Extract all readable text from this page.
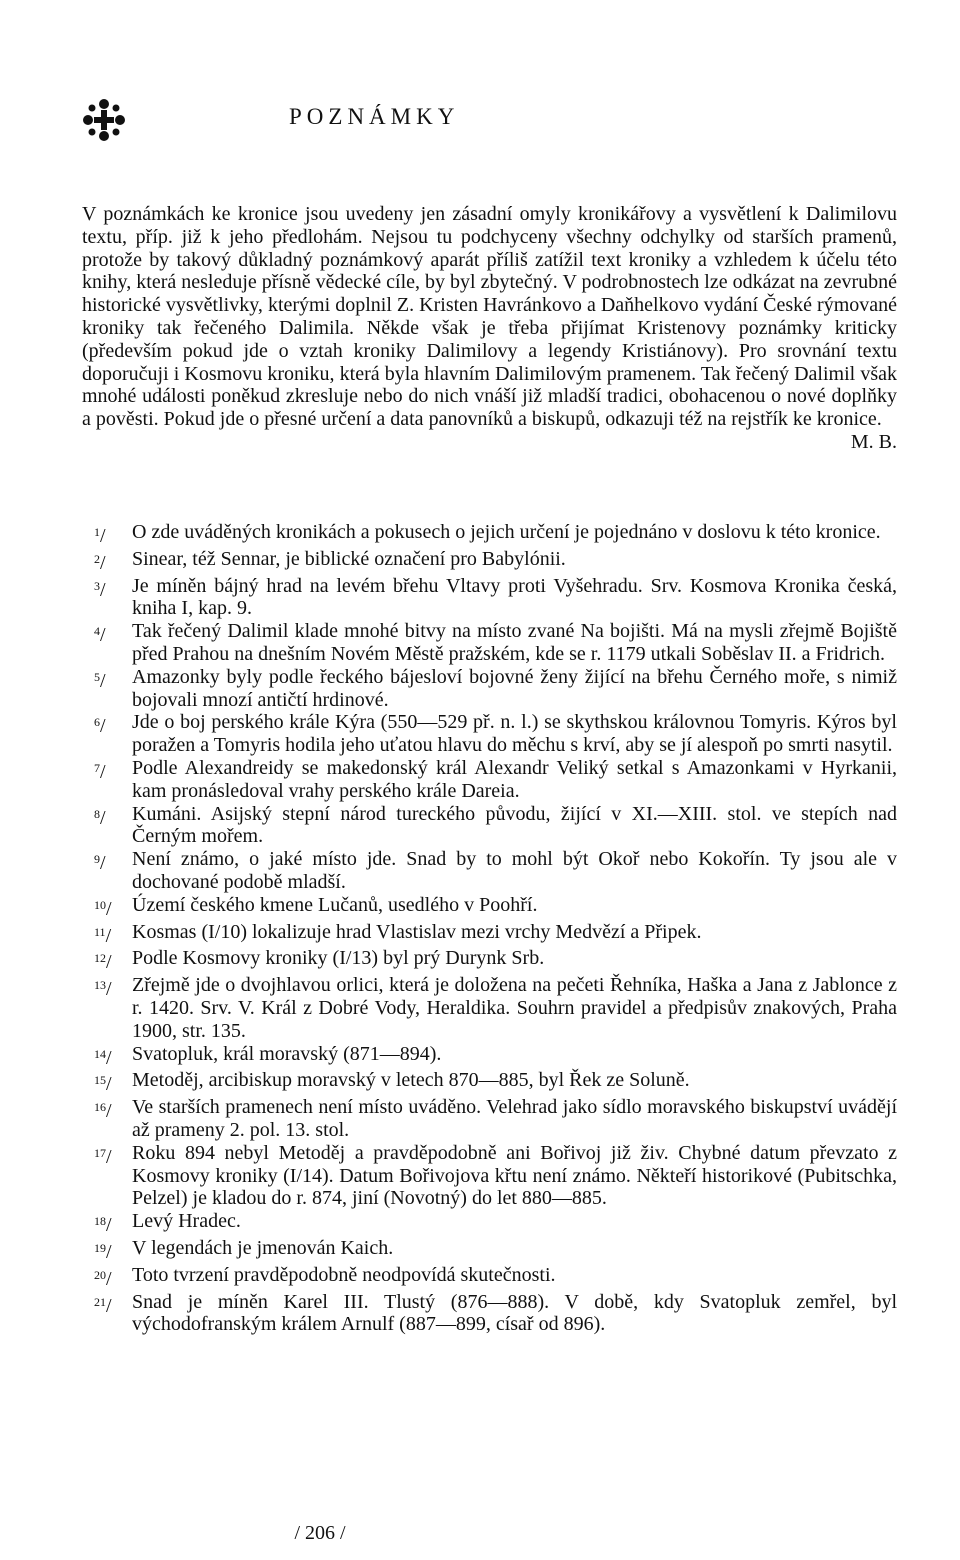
POZNÁMKY

V poznámkách ke kronice jsou uvedeny jen zásadní omyly kronikářovy a vysvětlení k Dalimilovu textu, příp. již k jeho předlohám. Nejsou tu podchyceny všechny odchylky od starších pramenů, protože by takový důkladný poznámkový aparát příliš zatížil text kroniky a vzhledem k účelu této knihy, která nesleduje přísně vědecké cíle, by byl zbytečný. V podrobnostech lze odkázat na zevrubné historické vysvětlivky, kterými doplnil Z. Kristen Havránkovo a Daňhelkovo vydání České rýmované kroniky tak řečeného Dalimila. Někde však je třeba přijímat Kristenovy poznámky kriticky (především pokud jde o vztah kroniky Dalimilovy a legendy Kristiánovy). Pro srovnání textu doporučuji i Kosmovu kroniku, která byla hlavním Dalimilovým pramenem. Tak řečený Dalimil však mnohé události poněkud zkresluje nebo do nich vnáší již mladší tradici, obohacenou o nové doplňky a pověsti. Pokud jde o přesné určení a data panovníků a biskupů, odkazuji též na rejstřík ke kronice.
M. B.

$^1$/	O zde uváděných kronikách a pokusech o jejich určení je pojednáno v doslovu k této kronice.
$^2$/	Sinear, též Sennar, je biblické označení pro Babylónii.
$^3$/	Je míněn bájný hrad na levém břehu Vltavy proti Vyšehradu. Srv. Kosmova Kronika česká, kniha I, kap. 9.
$^4$/	Tak řečený Dalimil klade mnohé bitvy na místo zvané Na bojišti. Má na mysli zřejmě Bojiště před Prahou na dnešním Novém Městě pražském, kde se r. 1179 utkali Soběslav II. a Fridrich.
$^5$/	Amazonky byly podle řeckého bájesloví bojovné ženy žijící na břehu Černého moře, s nimiž bojovali mnozí antičtí hrdinové.
$^6$/	Jde o boj perského krále Kýra (550—529 př. n. l.) se skythskou královnou Tomyris. Kýros byl poražen a Tomyris hodila jeho uťatou hlavu do měchu s krví, aby se jí alespoň po smrti nasytil.
$^7$/	Podle Alexandreidy se makedonský král Alexandr Veliký setkal s Amazonkami v Hyrkanii, kam pronásledoval vrahy perského krále Dareia.
$^8$/	Kumáni. Asijský stepní národ tureckého původu, žijící v XI.—XIII. stol. ve stepích nad Černým mořem.
$^9$/	Není známo, o jaké místo jde. Snad by to mohl být Okoř nebo Kokořín. Ty jsou ale v dochované podobě mladší.
$^{10}$/	Území českého kmene Lučanů, usedlého v Poohří.
$^{11}$/	Kosmas (I/10) lokalizuje hrad Vlastislav mezi vrchy Medvězí a Připek.
$^{12}$/	Podle Kosmovy kroniky (I/13) byl prý Durynk Srb.
$^{13}$/	Zřejmě jde o dvojhlavou orlici, která je doložena na pečeti Řehníka, Haška a Jana z Jablonce z r. 1420. Srv. V. Král z Dobré Vody, Heraldika. Souhrn pravidel a předpisův znakových, Praha 1900, str. 135.
$^{14}$/	Svatopluk, král moravský (871—894).
$^{15}$/	Metoděj, arcibiskup moravský v letech 870—885, byl Řek ze Soluně.
$^{16}$/	Ve starších pramenech není místo uváděno. Velehrad jako sídlo moravského biskupství uvádějí až prameny 2. pol. 13. stol.
$^{17}$/	Roku 894 nebyl Metoděj a pravděpodobně ani Bořivoj již živ. Chybné datum převzato z Kosmovy kroniky (I/14). Datum Bořivojova křtu není známo. Někteří historikové (Pubitschka, Pelzel) je kladou do r. 874, jiní (Novotný) do let 880—885.
$^{18}$/	Levý Hradec.
$^{19}$/	V legendách je jmenován Kaich.
$^{20}$/	Toto tvrzení pravděpodobně neodpovídá skutečnosti.
$^{21}$/	Snad je míněn Karel III. Tlustý (876—888). V době, kdy Svatopluk zemřel, byl východofranským králem Arnulf (887—899, císař od 896).
/ 206 /
